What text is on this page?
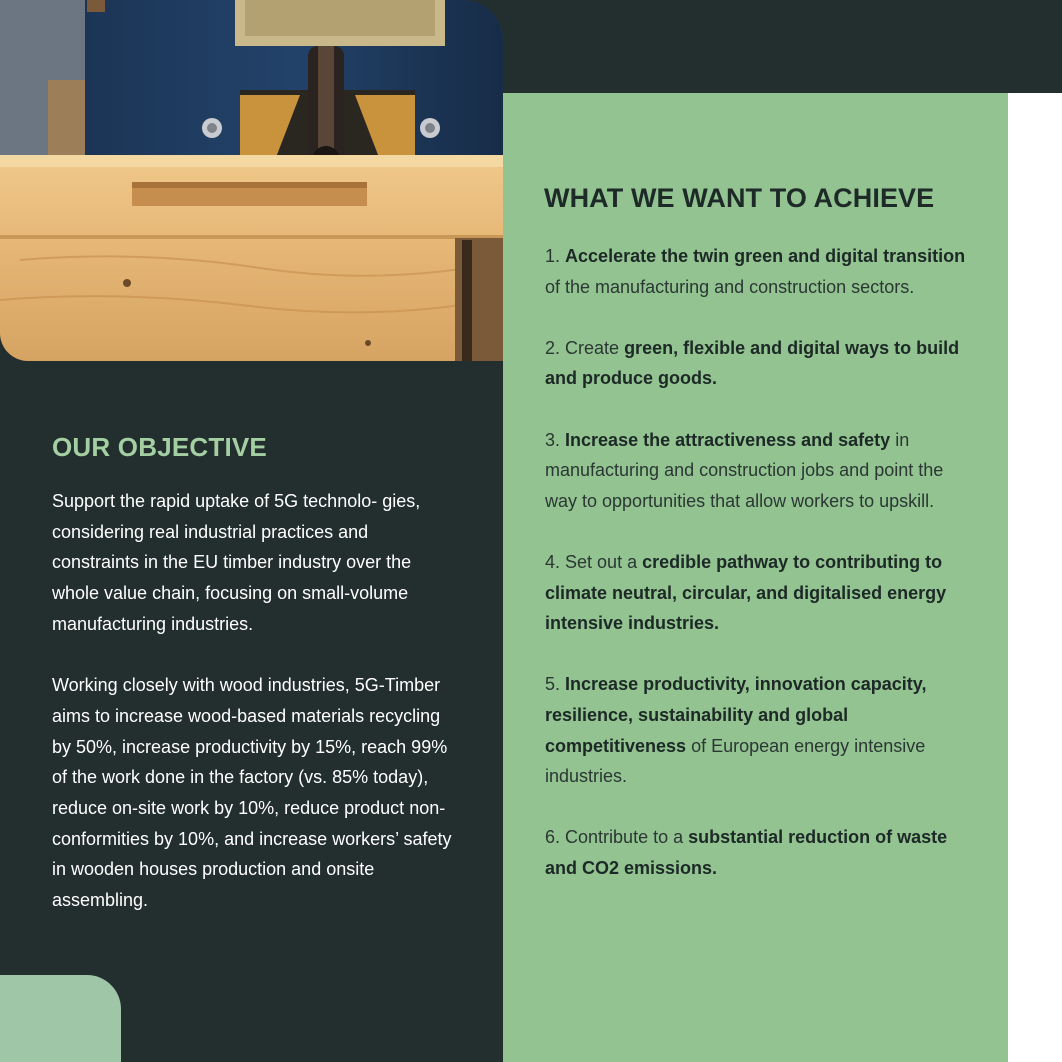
OUR OBJECTIVE

Support the rapid uptake of 5G technolo- gies, considering real industrial practices and constraints in the EU timber industry over the whole value chain, focusing on small-volume manufacturing industries.

Working closely with wood industries, 5G-Timber aims to increase wood-based materials recycling by 50%, increase productivity by 15%, reach 99% of the work done in the factory (vs. 85% today), reduce on-site work by 10%, reduce product non-conformities by 10%, and increase workers’ safety in wooden houses production and onsite assembling.

WHAT WE WANT TO ACHIEVE
1. Accelerate the twin green and digital transition of the manufacturing and construction sectors.
2. Create green, flexible and digital ways to build and produce goods.
3. Increase the attractiveness and safety in manufacturing and construction jobs and point the way to opportunities that allow workers to upskill.
4. Set out a credible pathway to contributing to climate neutral, circular, and digitalised energy intensive industries.
5. Increase productivity, innovation capacity, resilience, sustainability and global competitiveness of European energy intensive industries.
6. Contribute to a substantial reduction of waste and CO2 emissions.
